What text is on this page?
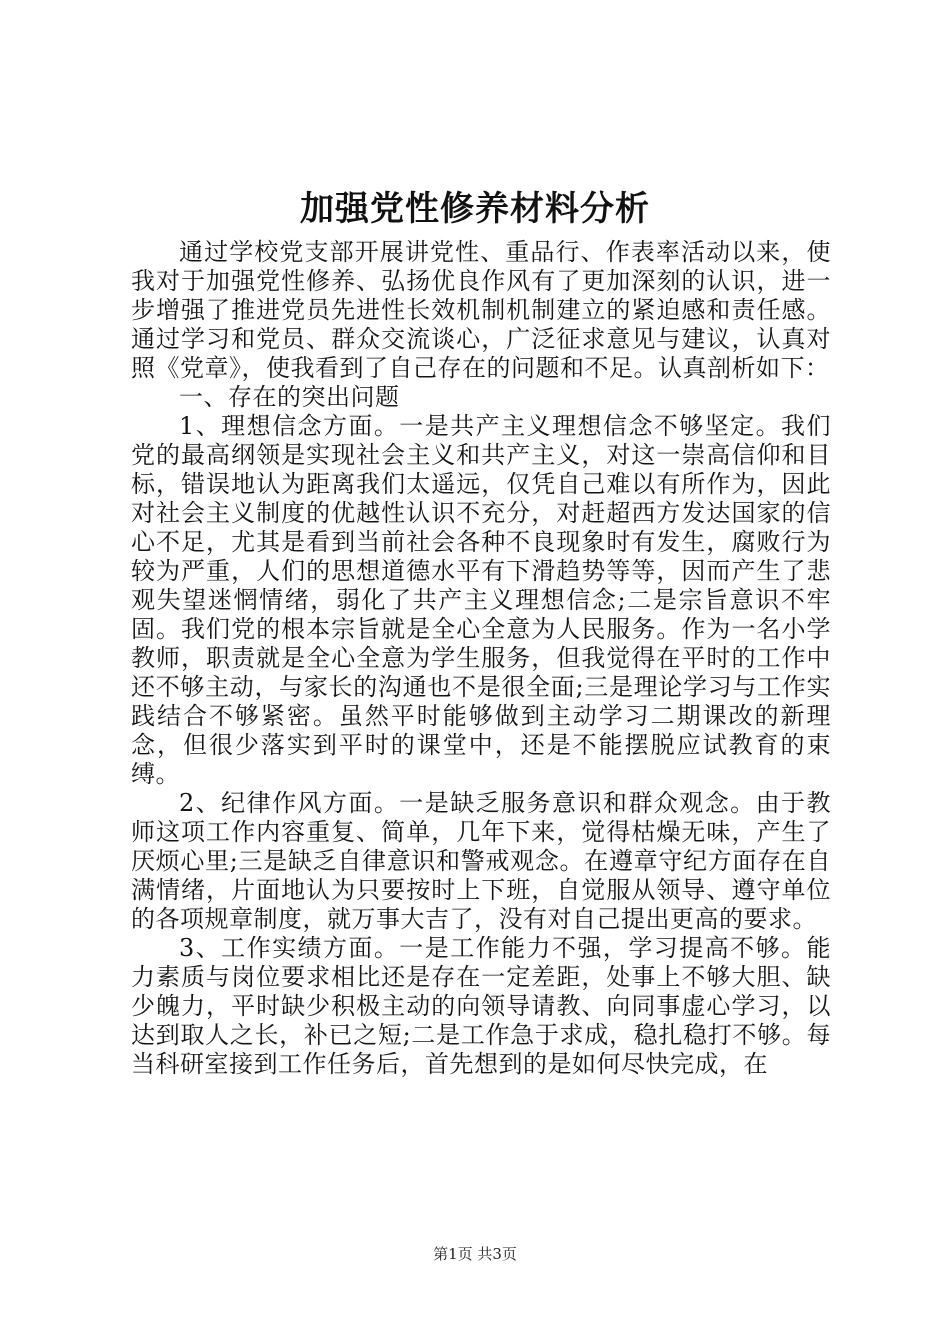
加强党性修养材料分析

通过学校党支部开展讲党性、重品行、作表率活动以来，使我对于加强党性修养、弘扬优良作风有了更加深刻的认识，进一步增强了推进党员先进性长效机制机制建立的紧迫感和责任感。通过学习和党员、群众交流谈心，广泛征求意见与建议，认真对照《党章》，使我看到了自己存在的问题和不足。认真剖析如下：

一、存在的突出问题

1、理想信念方面。一是共产主义理想信念不够坚定。我们党的最高纲领是实现社会主义和共产主义，对这一崇高信仰和目标，错误地认为距离我们太遥远，仅凭自己难以有所作为，因此对社会主义制度的优越性认识不充分，对赶超西方发达国家的信心不足，尤其是看到当前社会各种不良现象时有发生，腐败行为较为严重，人们的思想道德水平有下滑趋势等等，因而产生了悲观失望迷惘情绪，弱化了共产主义理想信念;二是宗旨意识不牢固。我们党的根本宗旨就是全心全意为人民服务。作为一名小学教师，职责就是全心全意为学生服务，但我觉得在平时的工作中还不够主动，与家长的沟通也不是很全面;三是理论学习与工作实践结合不够紧密。虽然平时能够做到主动学习二期课改的新理念，但很少落实到平时的课堂中，还是不能摆脱应试教育的束缚。

2、纪律作风方面。一是缺乏服务意识和群众观念。由于教师这项工作内容重复、简单，几年下来，觉得枯燥无味，产生了厌烦心里;三是缺乏自律意识和警戒观念。在遵章守纪方面存在自满情绪，片面地认为只要按时上下班，自觉服从领导、遵守单位的各项规章制度，就万事大吉了，没有对自己提出更高的要求。

3、工作实绩方面。一是工作能力不强，学习提高不够。能力素质与岗位要求相比还是存在一定差距，处事上不够大胆、缺少魄力，平时缺少积极主动的向领导请教、向同事虚心学习，以达到取人之长，补已之短;二是工作急于求成，稳扎稳打不够。每当科研室接到工作任务后，首先想到的是如何尽快完成，在

第1页 共3页
